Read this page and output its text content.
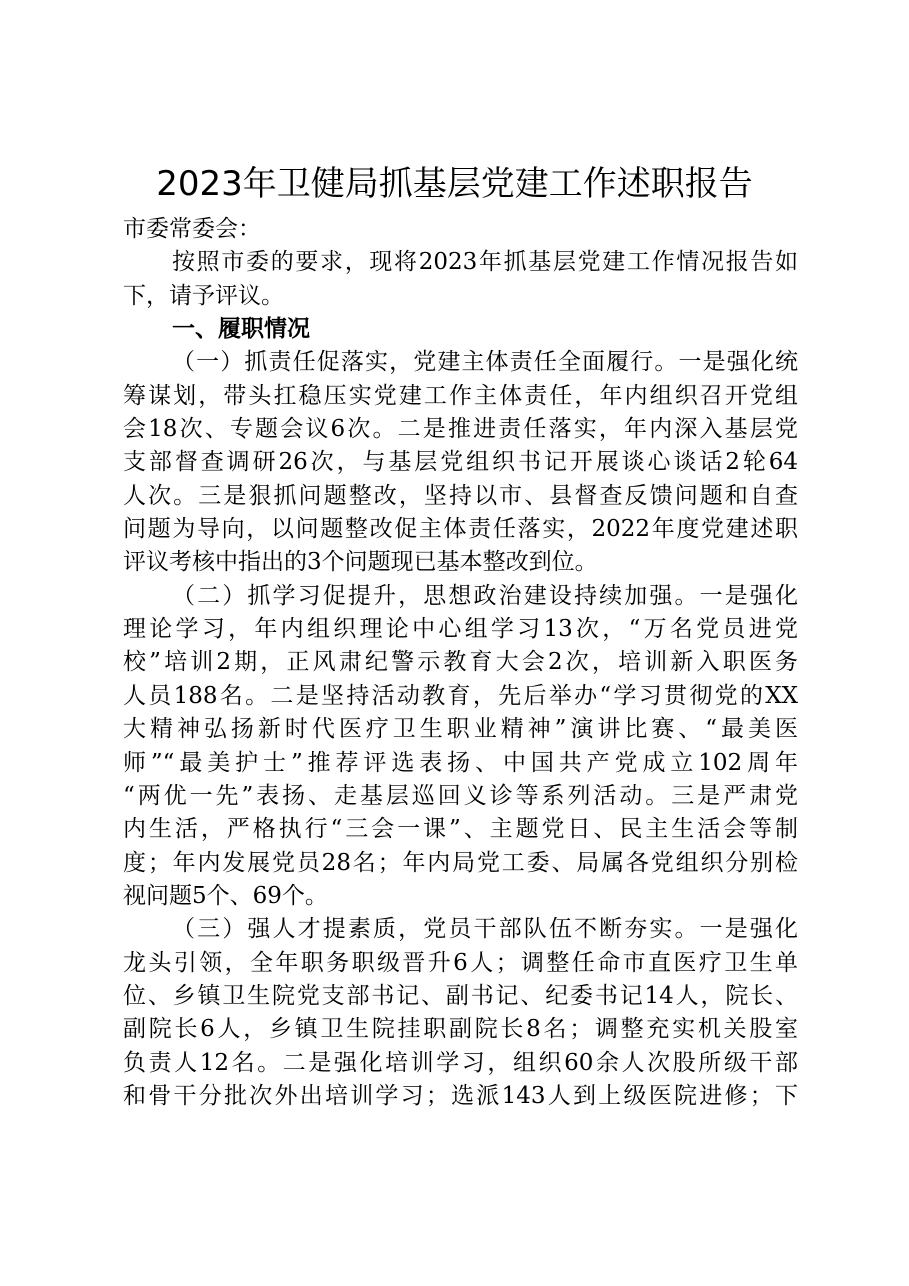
2023年卫健局抓基层党建工作述职报告
市委常委会：
按照市委的要求，现将2023年抓基层党建工作情况报告如
下，请予评议。
一、履职情况
（一）抓责任促落实，党建主体责任全面履行。一是强化统
筹谋划，带头扛稳压实党建工作主体责任，年内组织召开党组
会18次、专题会议6次。二是推进责任落实，年内深入基层党
支部督查调研26次，与基层党组织书记开展谈心谈话2轮64
人次。三是狠抓问题整改，坚持以市、县督查反馈问题和自查
问题为导向，以问题整改促主体责任落实，2022年度党建述职
评议考核中指出的3个问题现已基本整改到位。
（二）抓学习促提升，思想政治建设持续加强。一是强化
理论学习，年内组织理论中心组学习13次，“万名党员进党
校”培训2期，正风肃纪警示教育大会2次，培训新入职医务
人员188名。二是坚持活动教育，先后举办“学习贯彻党的XX
大精神弘扬新时代医疗卫生职业精神”演讲比赛、“最美医
师”“最美护士”推荐评选表扬、中国共产党成立102周年
“两优一先”表扬、走基层巡回义诊等系列活动。三是严肃党
内生活，严格执行“三会一课”、主题党日、民主生活会等制
度；年内发展党员28名；年内局党工委、局属各党组织分别检
视问题5个、69个。
（三）强人才提素质，党员干部队伍不断夯实。一是强化
龙头引领，全年职务职级晋升6人；调整任命市直医疗卫生单
位、乡镇卫生院党支部书记、副书记、纪委书记14人，院长、
副院长6人，乡镇卫生院挂职副院长8名；调整充实机关股室
负责人12名。二是强化培训学习，组织60余人次股所级干部
和骨干分批次外出培训学习；选派143人到上级医院进修；下
